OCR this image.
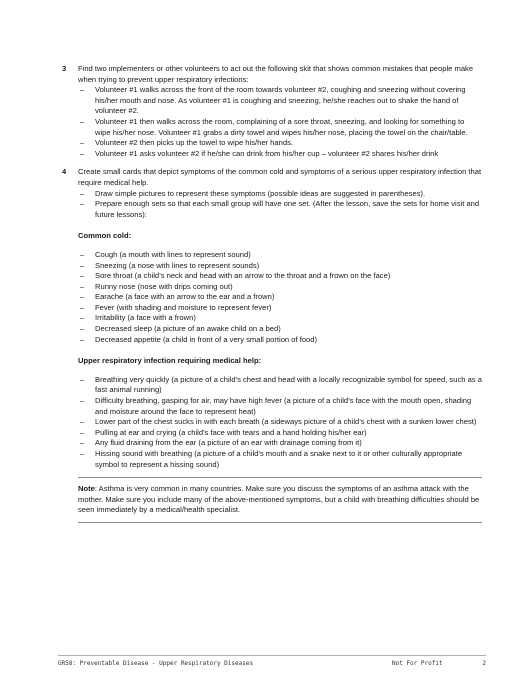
3 Find two implementers or other volunteers to act out the following skit that shows common mistakes that people make when trying to prevent upper respiratory infections:

– Volunteer #1 walks across the front of the room towards volunteer #2, coughing and sneezing without covering his/her mouth and nose. As volunteer #1 is coughing and sneezing, he/she reaches out to shake the hand of volunteer #2.
– Volunteer #1 then walks across the room, complaining of a sore throat, sneezing, and looking for something to wipe his/her nose. Volunteer #1 grabs a dirty towel and wipes his/her nose, placing the towel on the chair/table.
– Volunteer #2 then picks up the towel to wipe his/her hands.
– Volunteer #1 asks volunteer #2 if he/she can drink from his/her cup – volunteer #2 shares his/her drink
4 Create small cards that depict symptoms of the common cold and symptoms of a serious upper respiratory infection that require medical help.

– Draw simple pictures to represent these symptoms (possible ideas are suggested in parentheses).
– Prepare enough sets so that each small group will have one set. (After the lesson, save the sets for home visit and future lessons):

Common cold:

– Cough (a mouth with lines to represent sound)
– Sneezing (a nose with lines to represent sounds)
– Sore throat (a child’s neck and head with an arrow to the throat and a frown on the face)
– Runny nose (nose with drips coming out)
– Earache (a face with an arrow to the ear and a frown)
– Fever (with shading and moisture to represent fever)
– Irritability (a face with a frown)
– Decreased sleep (a picture of an awake child on a bed)
– Decreased appetite (a child in front of a very small portion of food)

Upper respiratory infection requiring medical help:

– Breathing very quickly (a picture of a child’s chest and head with a locally recognizable symbol for speed, such as a fast animal running)
– Difficulty breathing, gasping for air, may have high fever (a picture of a child’s face with the mouth open, shading and moisture around the face to represent heat)
– Lower part of the chest sucks in with each breath (a sideways picture of a child’s chest with a sunken lower chest)
– Pulling at ear and crying (a child’s face with tears and a hand holding his/her ear)
– Any fluid draining from the ear (a picture of an ear with drainage coming from it)
– Hissing sound with breathing (a picture of a child’s mouth and a snake next to it or other culturally appropriate symbol to represent a hissing sound)
Note: Asthma is very common in many countries. Make sure you discuss the symptoms of an asthma attack with the mother. Make sure you include many of the above-mentioned symptoms, but a child with breathing difficulties should be seen immediately by a medical/health specialist.
GR58: Preventable Disease - Upper Respiratory Diseases	Not For Profit	2
